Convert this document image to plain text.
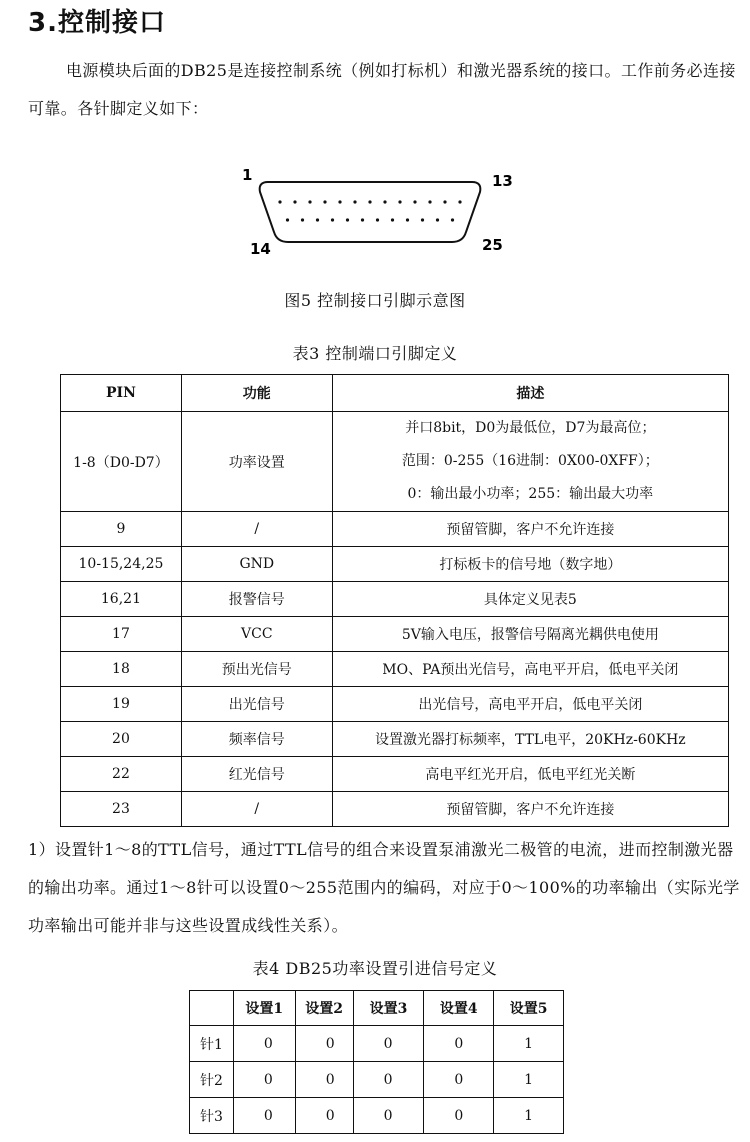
3.控制接口

电源模块后面的DB25是连接控制系统（例如打标机）和激光器系统的接口。工作前务必连接可靠。各针脚定义如下：

1	13
14	25
图5 控制接口引脚示意图
表3 控制端口引脚定义
PIN	功能	描述
1-8（D0-D7）	功率设置	并口8bit，D0为最低位，D7为最高位；
范围：0-255（16进制：0X00-0XFF）；
0：输出最小功率；255：输出最大功率

9	/	预留管脚，客户不允许连接
10-15,24,25	GND	打标板卡的信号地（数字地）
16,21	报警信号	具体定义见表5
17	VCC	5V输入电压，报警信号隔离光耦供电使用
18	预出光信号	MO、PA预出光信号，高电平开启，低电平关闭
19	出光信号	出光信号，高电平开启，低电平关闭
20	频率信号	设置激光器打标频率，TTL电平，20KHz-60KHz
22	红光信号	高电平红光开启，低电平红光关断
23	/	预留管脚，客户不允许连接

1）设置针1～8的TTL信号，通过TTL信号的组合来设置泵浦激光二极管的电流，进而控制激光器的输出功率。通过1～8针可以设置0～255范围内的编码，对应于0～100%的功率输出（实际光学功率输出可能并非与这些设置成线性关系）。

表4 DB25功率设置引进信号定义
	设置1	设置2	设置3	设置4	设置5
针1	0	0	0	0	1
针2	0	0	0	0	1
针3	0	0	0	0	1
